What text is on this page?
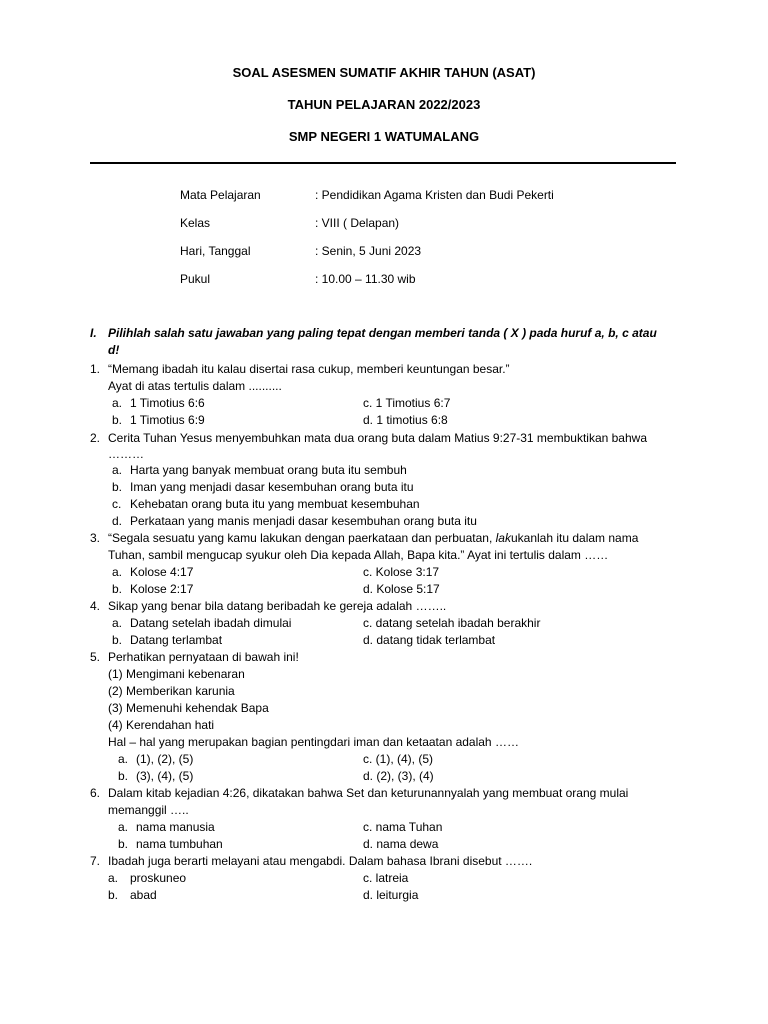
SOAL ASESMEN SUMATIF AKHIR TAHUN (ASAT)
TAHUN PELAJARAN 2022/2023
SMP NEGERI 1 WATUMALANG
Mata Pelajaran	: Pendidikan Agama Kristen dan Budi Pekerti
Kelas	: VIII ( Delapan)
Hari, Tanggal	: Senin, 5 Juni 2023
Pukul	: 10.00 – 11.30 wib
I. Pilihlah salah satu jawaban yang paling tepat dengan memberi tanda ( X ) pada huruf a, b, c atau
d!
1. “Memang ibadah itu kalau disertai rasa cukup, memberi keuntungan besar.”
Ayat di atas tertulis dalam ..........
a. 1 Timotius 6:6	c. 1 Timotius 6:7
b. 1 Timotius 6:9	d. 1 timotius 6:8
2. Cerita Tuhan Yesus menyembuhkan mata dua orang buta dalam Matius 9:27-31 membuktikan bahwa
………
a. Harta yang banyak membuat orang buta itu sembuh
b. Iman yang menjadi dasar kesembuhan orang buta itu
c. Kehebatan orang buta itu yang membuat kesembuhan
d. Perkataan yang manis menjadi dasar kesembuhan orang buta itu
3. “Segala sesuatu yang kamu lakukan dengan paerkataan dan perbuatan, lakukanlah itu dalam nama
Tuhan, sambil mengucap syukur oleh Dia kepada Allah, Bapa kita.” Ayat ini tertulis dalam ……
a. Kolose 4:17	c. Kolose 3:17
b. Kolose 2:17	d. Kolose 5:17
4. Sikap yang benar bila datang beribadah ke gereja adalah ……..
a. Datang setelah ibadah dimulai	c. datang setelah ibadah berakhir
b. Datang terlambat	d. datang tidak terlambat
5. Perhatikan pernyataan di bawah ini!
(1) Mengimani kebenaran
(2) Memberikan karunia
(3) Memenuhi kehendak Bapa
(4) Kerendahan hati
Hal – hal yang merupakan bagian pentingdari iman dan ketaatan adalah ……
a. (1), (2), (5)	c. (1), (4), (5)
b. (3), (4), (5)	d. (2), (3), (4)
6. Dalam kitab kejadian 4:26, dikatakan bahwa Set dan keturunannyalah yang membuat orang mulai
memanggil …..
a. nama manusia	c. nama Tuhan
b. nama tumbuhan	d. nama dewa
7. Ibadah juga berarti melayani atau mengabdi. Dalam bahasa Ibrani disebut …….
a. proskuneo	c. latreia
b. abad	d. leiturgia
